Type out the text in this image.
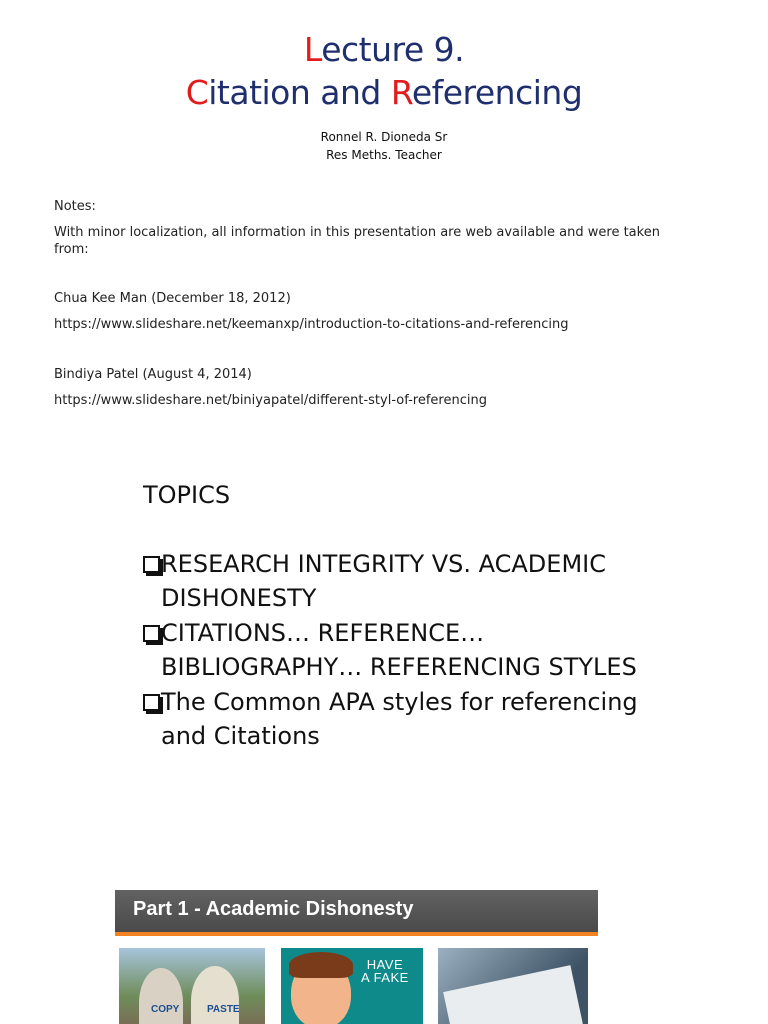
Lecture 9.
Citation and Referencing
Ronnel R. Dioneda Sr
Res Meths. Teacher

Notes:

With minor localization, all information in this presentation are web available and were taken from:

Chua Kee Man (December 18, 2012)

https://www.slideshare.net/keemanxp/introduction-to-citations-and-referencing

Bindiya Patel (August 4, 2014)

https://www.slideshare.net/biniyapatel/different-styl-of-referencing

TOPICS

RESEARCH INTEGRITY VS. ACADEMIC DISHONESTY
CITATIONS… REFERENCE… BIBLIOGRAPHY… REFERENCING STYLES
The Common APA styles for referencing and Citations
Part 1 - Academic Dishonesty
COPY	PASTE
HAVE
A FAKE
